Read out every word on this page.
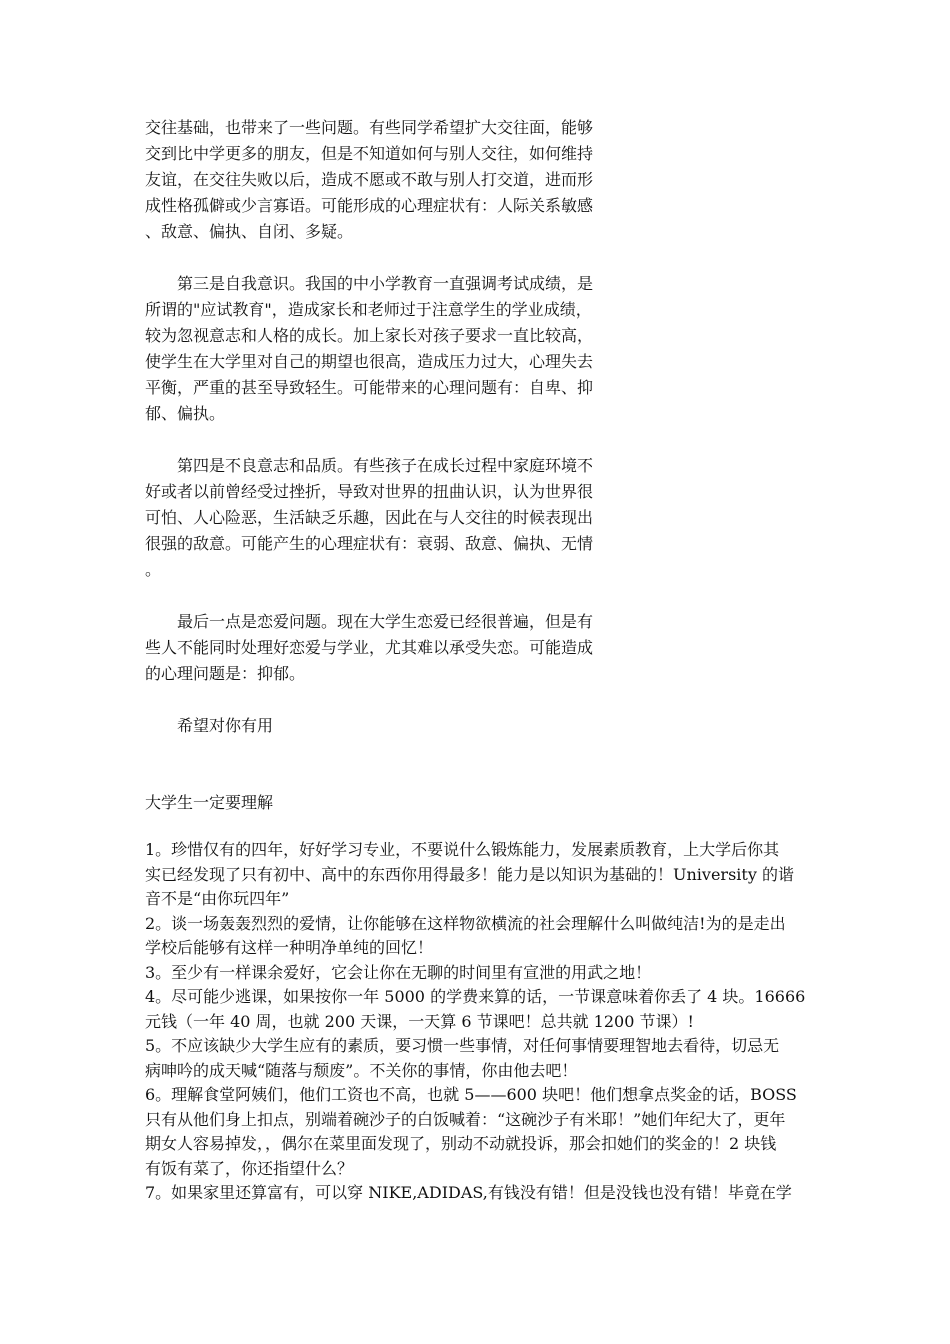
交往基础，也带来了一些问题。有些同学希望扩大交往面，能够
交到比中学更多的朋友，但是不知道如何与别人交往，如何维持
友谊，在交往失败以后，造成不愿或不敢与别人打交道，进而形
成性格孤僻或少言寡语。可能形成的心理症状有：人际关系敏感
、敌意、偏执、自闭、多疑。

第三是自我意识。我国的中小学教育一直强调考试成绩，是
所谓的"应试教育"，造成家长和老师过于注意学生的学业成绩，
较为忽视意志和人格的成长。加上家长对孩子要求一直比较高，
使学生在大学里对自己的期望也很高，造成压力过大，心理失去
平衡，严重的甚至导致轻生。可能带来的心理问题有：自卑、抑
郁、偏执。

第四是不良意志和品质。有些孩子在成长过程中家庭环境不
好或者以前曾经受过挫折，导致对世界的扭曲认识，认为世界很
可怕、人心险恶，生活缺乏乐趣，因此在与人交往的时候表现出
很强的敌意。可能产生的心理症状有：衰弱、敌意、偏执、无情
。

最后一点是恋爱问题。现在大学生恋爱已经很普遍，但是有
些人不能同时处理好恋爱与学业，尤其难以承受失恋。可能造成
的心理问题是：抑郁。

希望对你有用

大学生一定要理解

1。珍惜仅有的四年，好好学习专业，不要说什么锻炼能力，发展素质教育，上大学后你其
实已经发现了只有初中、高中的东西你用得最多！能力是以知识为基础的！University 的谐
音不是“由你玩四年”

2。谈一场轰轰烈烈的爱情，让你能够在这样物欲横流的社会理解什么叫做纯洁!为的是走出
学校后能够有这样一种明净单纯的回忆！

3。至少有一样课余爱好，它会让你在无聊的时间里有宣泄的用武之地！

4。尽可能少逃课，如果按你一年 5000 的学费来算的话，一节课意味着你丢了 4 块。16666
元钱（一年 40 周，也就 200 天课，一天算 6 节课吧！总共就 1200 节课）!

5。不应该缺少大学生应有的素质，要习惯一些事情，对任何事情要理智地去看待，切忌无
病呻吟的成天喊“随落与颓废”。不关你的事情，你由他去吧！

6。理解食堂阿姨们，他们工资也不高，也就 5——600 块吧！他们想拿点奖金的话，BOSS
只有从他们身上扣点，别端着碗沙子的白饭喊着：“这碗沙子有米耶！”她们年纪大了，更年
期女人容易掉发，，偶尔在菜里面发现了，别动不动就投诉，那会扣她们的奖金的！2 块钱
有饭有菜了，你还指望什么？

7。如果家里还算富有，可以穿 NIKE,ADIDAS,有钱没有错！但是没钱也没有错！毕竟在学
